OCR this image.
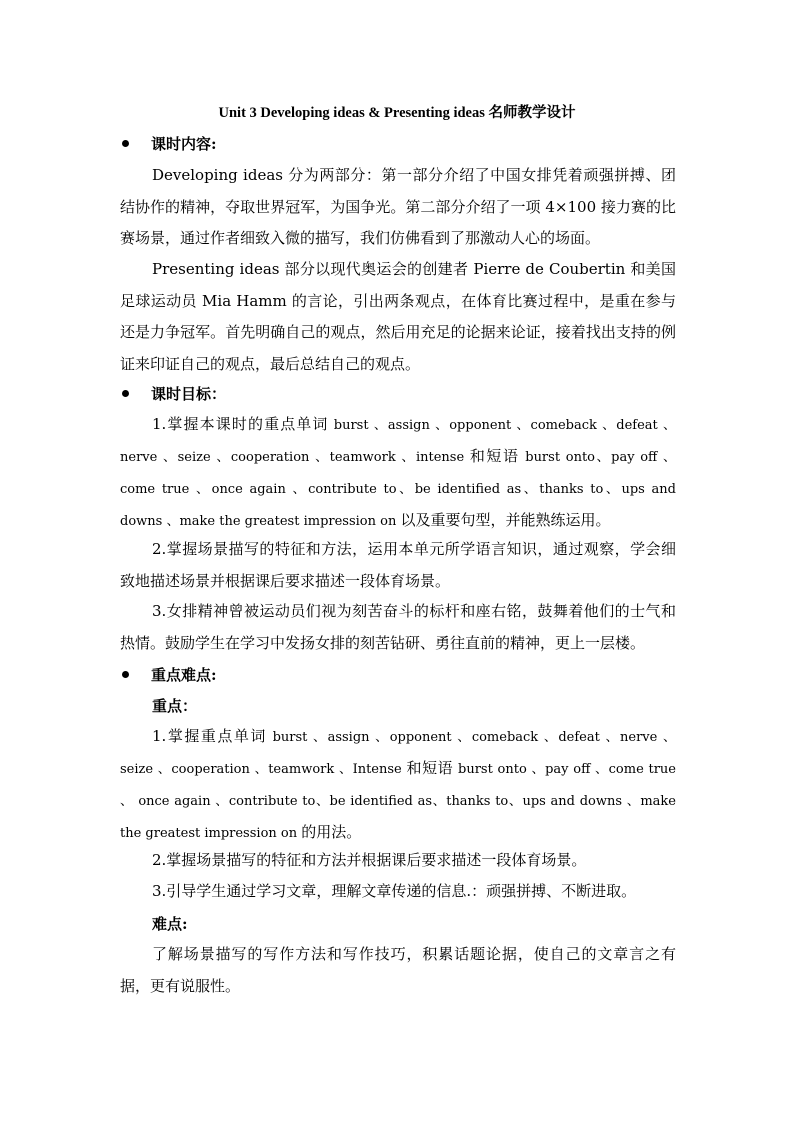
Unit 3 Developing ideas & Presenting ideas 名师教学设计
课时内容:

Developing ideas 分为两部分：第一部分介绍了中国女排凭着顽强拼搏、团结协作的精神，夺取世界冠军，为国争光。第二部分介绍了一项 4×100 接力赛的比赛场景，通过作者细致入微的描写，我们仿佛看到了那激动人心的场面。

Presenting ideas 部分以现代奥运会的创建者 Pierre de Coubertin 和美国足球运动员 Mia Hamm 的言论，引出两条观点，在体育比赛过程中，是重在参与还是力争冠军。首先明确自己的观点，然后用充足的论据来论证，接着找出支持的例证来印证自己的观点，最后总结自己的观点。

课时目标：

1.掌握本课时的重点单词 burst 、assign 、opponent 、comeback 、defeat 、nerve 、seize 、cooperation 、teamwork 、intense 和短语 burst onto、pay off 、come true 、once again 、contribute to、be identified as、thanks to、ups and downs 、make the greatest impression on 以及重要句型，并能熟练运用。

2.掌握场景描写的特征和方法，运用本单元所学语言知识，通过观察，学会细致地描述场景并根据课后要求描述一段体育场景。

3.女排精神曾被运动员们视为刻苦奋斗的标杆和座右铭，鼓舞着他们的士气和热情。鼓励学生在学习中发扬女排的刻苦钻研、勇往直前的精神，更上一层楼。

重点难点:
重点：

1.掌握重点单词 burst 、assign 、opponent 、comeback 、defeat 、nerve 、seize 、cooperation 、teamwork 、Intense 和短语 burst onto 、pay off 、come true 、 once again 、contribute to、be identified as、thanks to、ups and downs 、make the greatest impression on 的用法。

2.掌握场景描写的特征和方法并根据课后要求描述一段体育场景。

3.引导学生通过学习文章，理解文章传递的信息.：顽强拼搏、不断进取。

难点:

了解场景描写的写作方法和写作技巧，积累话题论据，使自己的文章言之有据，更有说服性。
